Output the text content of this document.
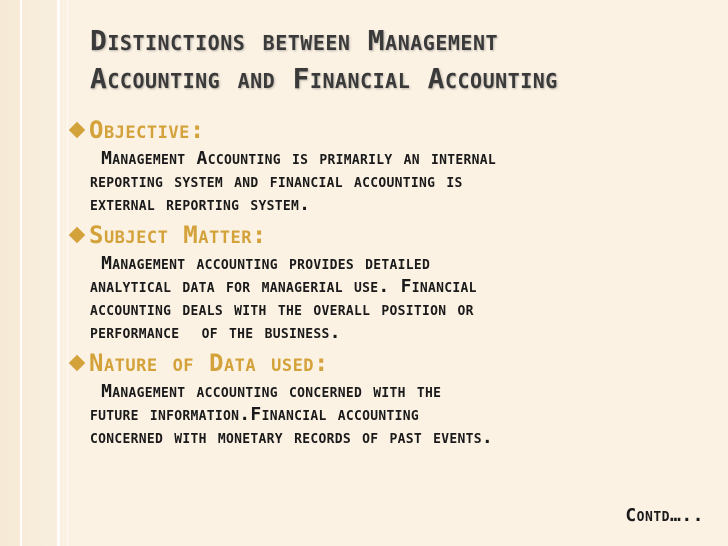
Distinctions between Management
Accounting and Financial Accounting

Objective:

Management Accounting is primarily an internal
reporting system and financial accounting is
external reporting system.

Subject Matter:

Management accounting provides detailed
analytical data for managerial use. Financial
accounting deals with the overall position or
performance  of the business.

Nature of Data used:

Management accounting concerned with the
future information.Financial accounting
concerned with monetary records of past events.

Contd…..
